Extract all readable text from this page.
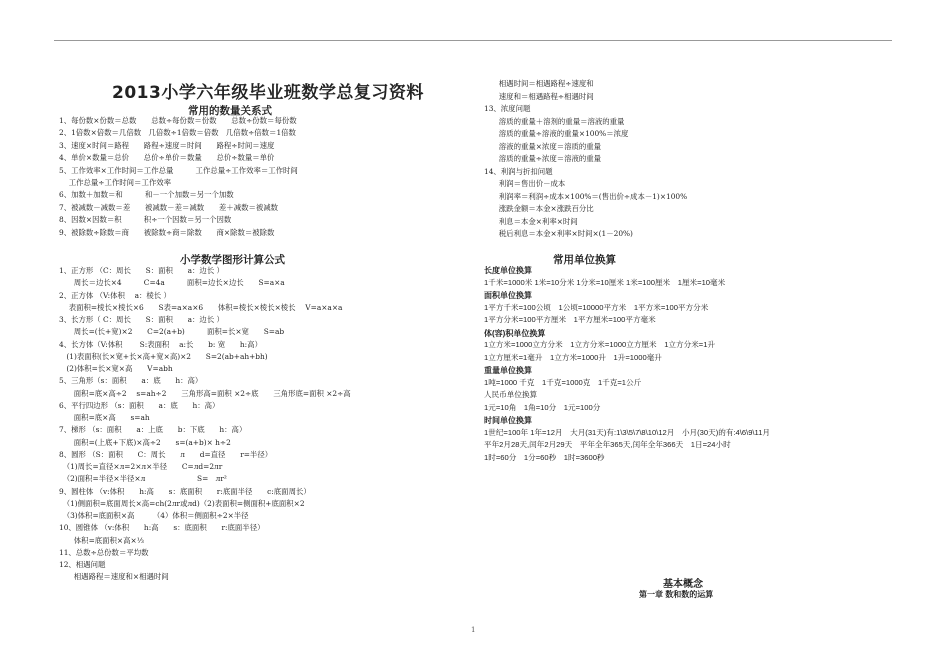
2013小学六年级毕业班数学总复习资料
常用的数量关系式
1、每份数×份数＝总数　　总数÷每份数＝份数　　总数÷份数＝每份数
2、1倍数×倍数＝几倍数　几倍数÷1倍数＝倍数　几倍数÷倍数＝1倍数
3、速度×时间＝路程　　路程÷速度＝时间　　路程÷时间＝速度
4、单价×数量＝总价　　总价÷单价＝数量　　总价÷数量＝单价
5、工作效率×工作时间＝工作总量　　　工作总量÷工作效率＝工作时间
　 工作总量÷工作时间＝工作效率
6、加数＋加数＝和　　　和－一个加数＝另一个加数
7、被减数－减数＝差　　被减数－差＝减数　　差＋减数＝被减数
8、因数×因数＝积　　　积÷一个因数＝另一个因数
9、被除数÷除数＝商　　被除数÷商＝除数　　商×除数＝被除数
小学数学图形计算公式
1、正方形 （C：周长　　S：面积　　a：边长 ）
　　周长＝边长×4　　　C=4a　　　面积=边长×边长　　S=a×a
2、正方体 （V:体积　 a：棱长 ）
　 表面积=棱长×棱长×6　　S表=a×a×6　　体积=棱长×棱长×棱长　 V=a×a×a
3、长方形（ C：周长　　S：面积　　a：边长 ）
　　周长=(长+宽)×2　　C=2(a+b)　　　面积=长×宽　　S=ab
4、长方体（V:体积　　 S:表面积　 a:长　　b: 宽　　h:高）
　(1)表面积(长×宽+长×高+宽×高)×2　　S=2(ab+ah+bh)
　(2)体积=长×宽×高　　V=abh
5、三角形（s：面积　　a：底　　h：高）
　　面积=底×高÷2　 s=ah÷2　　三角形高=面积 ×2÷底　　三角形底=面积 ×2÷高
6、平行四边形 （s：面积　　a：底　　h：高）
　　面积=底×高　　s=ah
7、梯形 （s：面积　　a：上底　　b：下底　　h：高）
　　面积=(上底+下底)×高÷2　　s=(a+b)× h÷2
8、圆形 （S：面积　　C：周长　　л　　d=直径　　r=半径）
　（1)周长=直径×л=2×л×半径　　C=лd=2лr
　（2)面积=半径×半径×л　　　　　　　S=　лr²
9、圆柱体 （v:体积　　h:高　　s：底面积　　r:底面半径　　c:底面周长）
　（1)侧面积=底面周长×高=ch(2лr或лd)（2)表面积=侧面积+底面积×2
　（3)体积=底面积×高　　　（4）体积＝侧面积÷2×半径
10、圆锥体 （v:体积　　h:高　　s：底面积　　r:底面半径）
　　体积=底面积×高×⅓
11、总数÷总份数＝平均数
12、相遇问题
　　相遇路程＝速度和×相遇时间
　　相遇时间＝相遇路程÷速度和
　　速度和＝相遇路程÷相遇时间
13、浓度问题
　　溶质的重量＋溶剂的重量＝溶液的重量
　　溶质的重量÷溶液的重量×100%＝浓度
　　溶液的重量×浓度＝溶质的重量
　　溶质的重量÷浓度＝溶液的重量
14、利润与折扣问题
　　利润＝售出价－成本
　　利润率＝利润÷成本×100%＝(售出价÷成本－1)×100%
　　涨跌金额＝本金×涨跌百分比
　　利息＝本金×利率×时间
　　税后利息＝本金×利率×时间×(1－20%)
常用单位换算
长度单位换算
1千米=1000米 1米=10分米 1分米=10厘米 1米=100厘米　1厘米=10毫米
面积单位换算
1平方千米=100公顷　1公顷=10000平方米　1平方米=100平方分米
1平方分米=100平方厘米　1平方厘米=100平方毫米
体(容)积单位换算
1立方米=1000立方分米　1立方分米=1000立方厘米　1立方分米=1升
1立方厘米=1毫升　1立方米=1000升　1升=1000毫升
重量单位换算
1吨=1000 千克　1千克=1000克　1千克=1公斤
人民币单位换算
1元=10角　1角=10分　1元=100分
时间单位换算
1世纪=100年 1年=12月　大月(31天)有:1\3\5\7\8\10\12月　小月(30天)的有:4\6\9\11月
平年2月28天,闰年2月29天　平年全年365天,闰年全年366天　1日=24小时
1时=60分　1分=60秒　1时=3600秒
基本概念
第一章 数和数的运算
1
